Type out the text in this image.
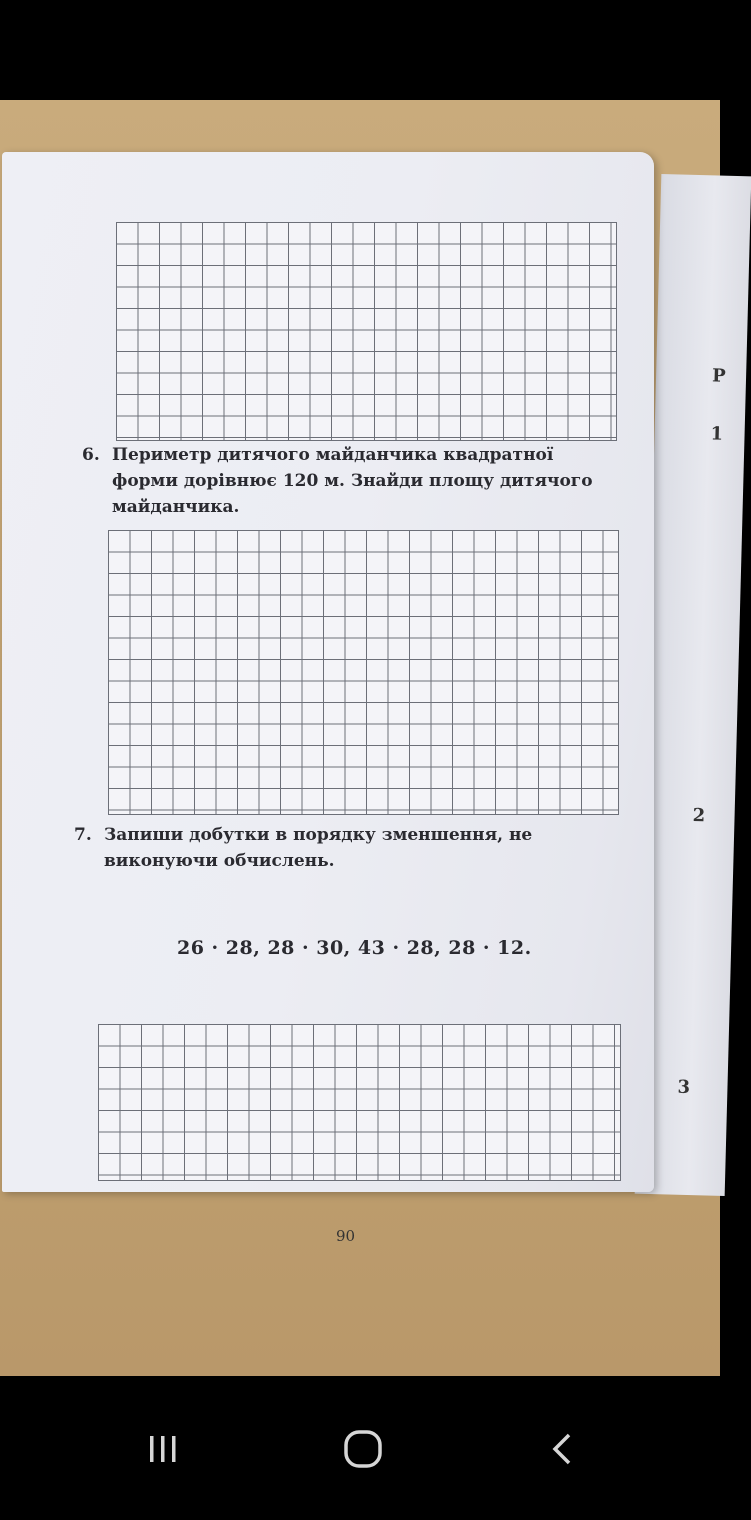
Р
1
2
3
6. Периметр дитячого майданчика квадратної форми дорівнює 120 м. Знайди площу дитячого майданчика.
7. Запиши добутки в порядку зменшення, не виконуючи обчислень.
26 · 28, 28 · 30, 43 · 28, 28 · 12.
90
